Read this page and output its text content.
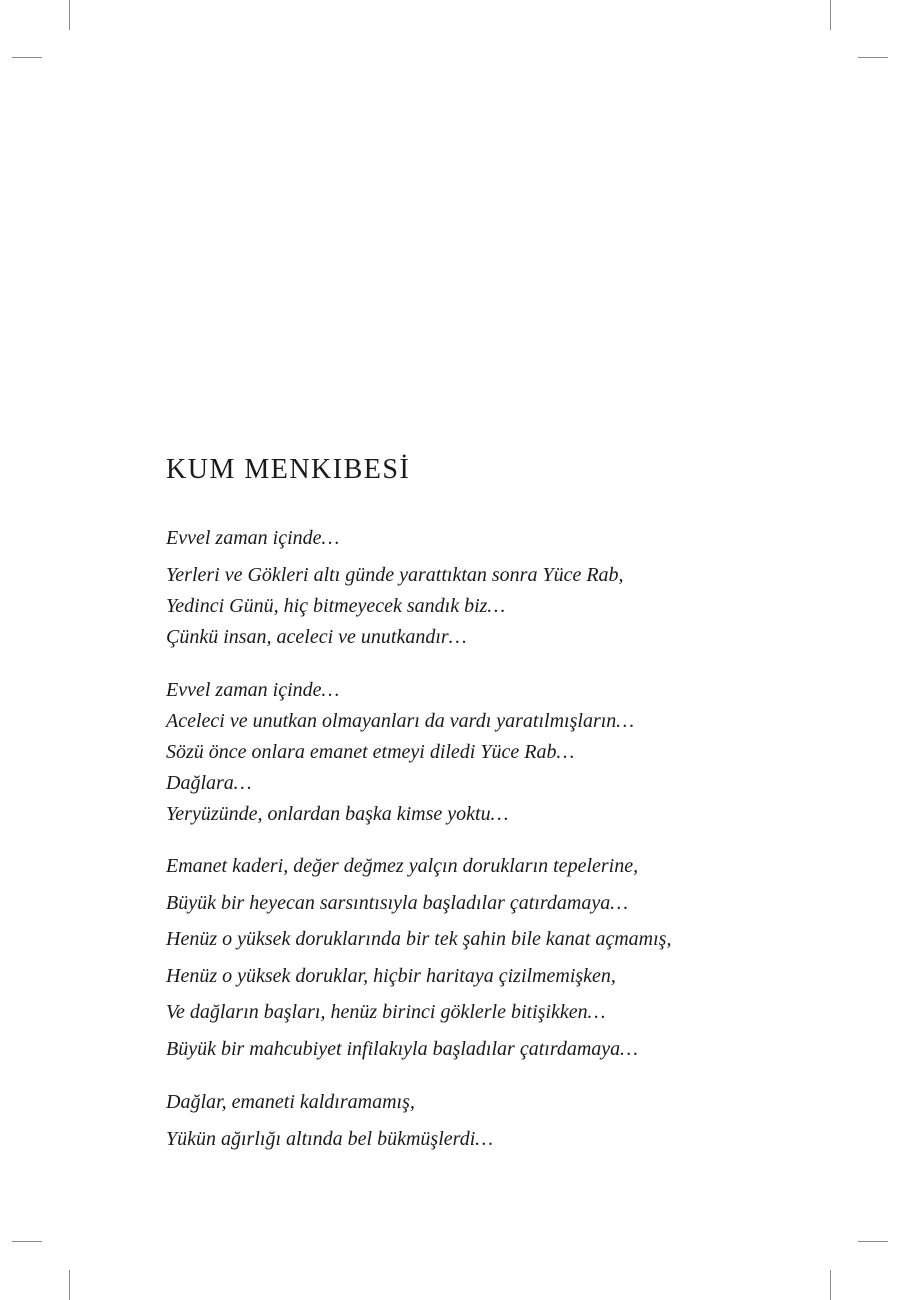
KUM MENKIBESİ

Evvel zaman içinde…

Yerleri ve Gökleri altı günde yarattıktan sonra Yüce Rab,

Yedinci Günü, hiç bitmeyecek sandık biz…

Çünkü insan, aceleci ve unutkandır…

Evvel zaman içinde…

Aceleci ve unutkan olmayanları da vardı yaratılmışların…

Sözü önce onlara emanet etmeyi diledi Yüce Rab…

Dağlara…

Yeryüzünde, onlardan başka kimse yoktu…

Emanet kaderi, değer değmez yalçın dorukların tepelerine,

Büyük bir heyecan sarsıntısıyla başladılar çatırdamaya…

Henüz o yüksek doruklarında bir tek şahin bile kanat açmamış,

Henüz o yüksek doruklar, hiçbir haritaya çizilmemişken,

Ve dağların başları, henüz birinci göklerle bitişikken…

Büyük bir mahcubiyet infilakıyla başladılar çatırdamaya…

Dağlar, emaneti kaldıramamış,

Yükün ağırlığı altında bel bükmüşlerdi…
